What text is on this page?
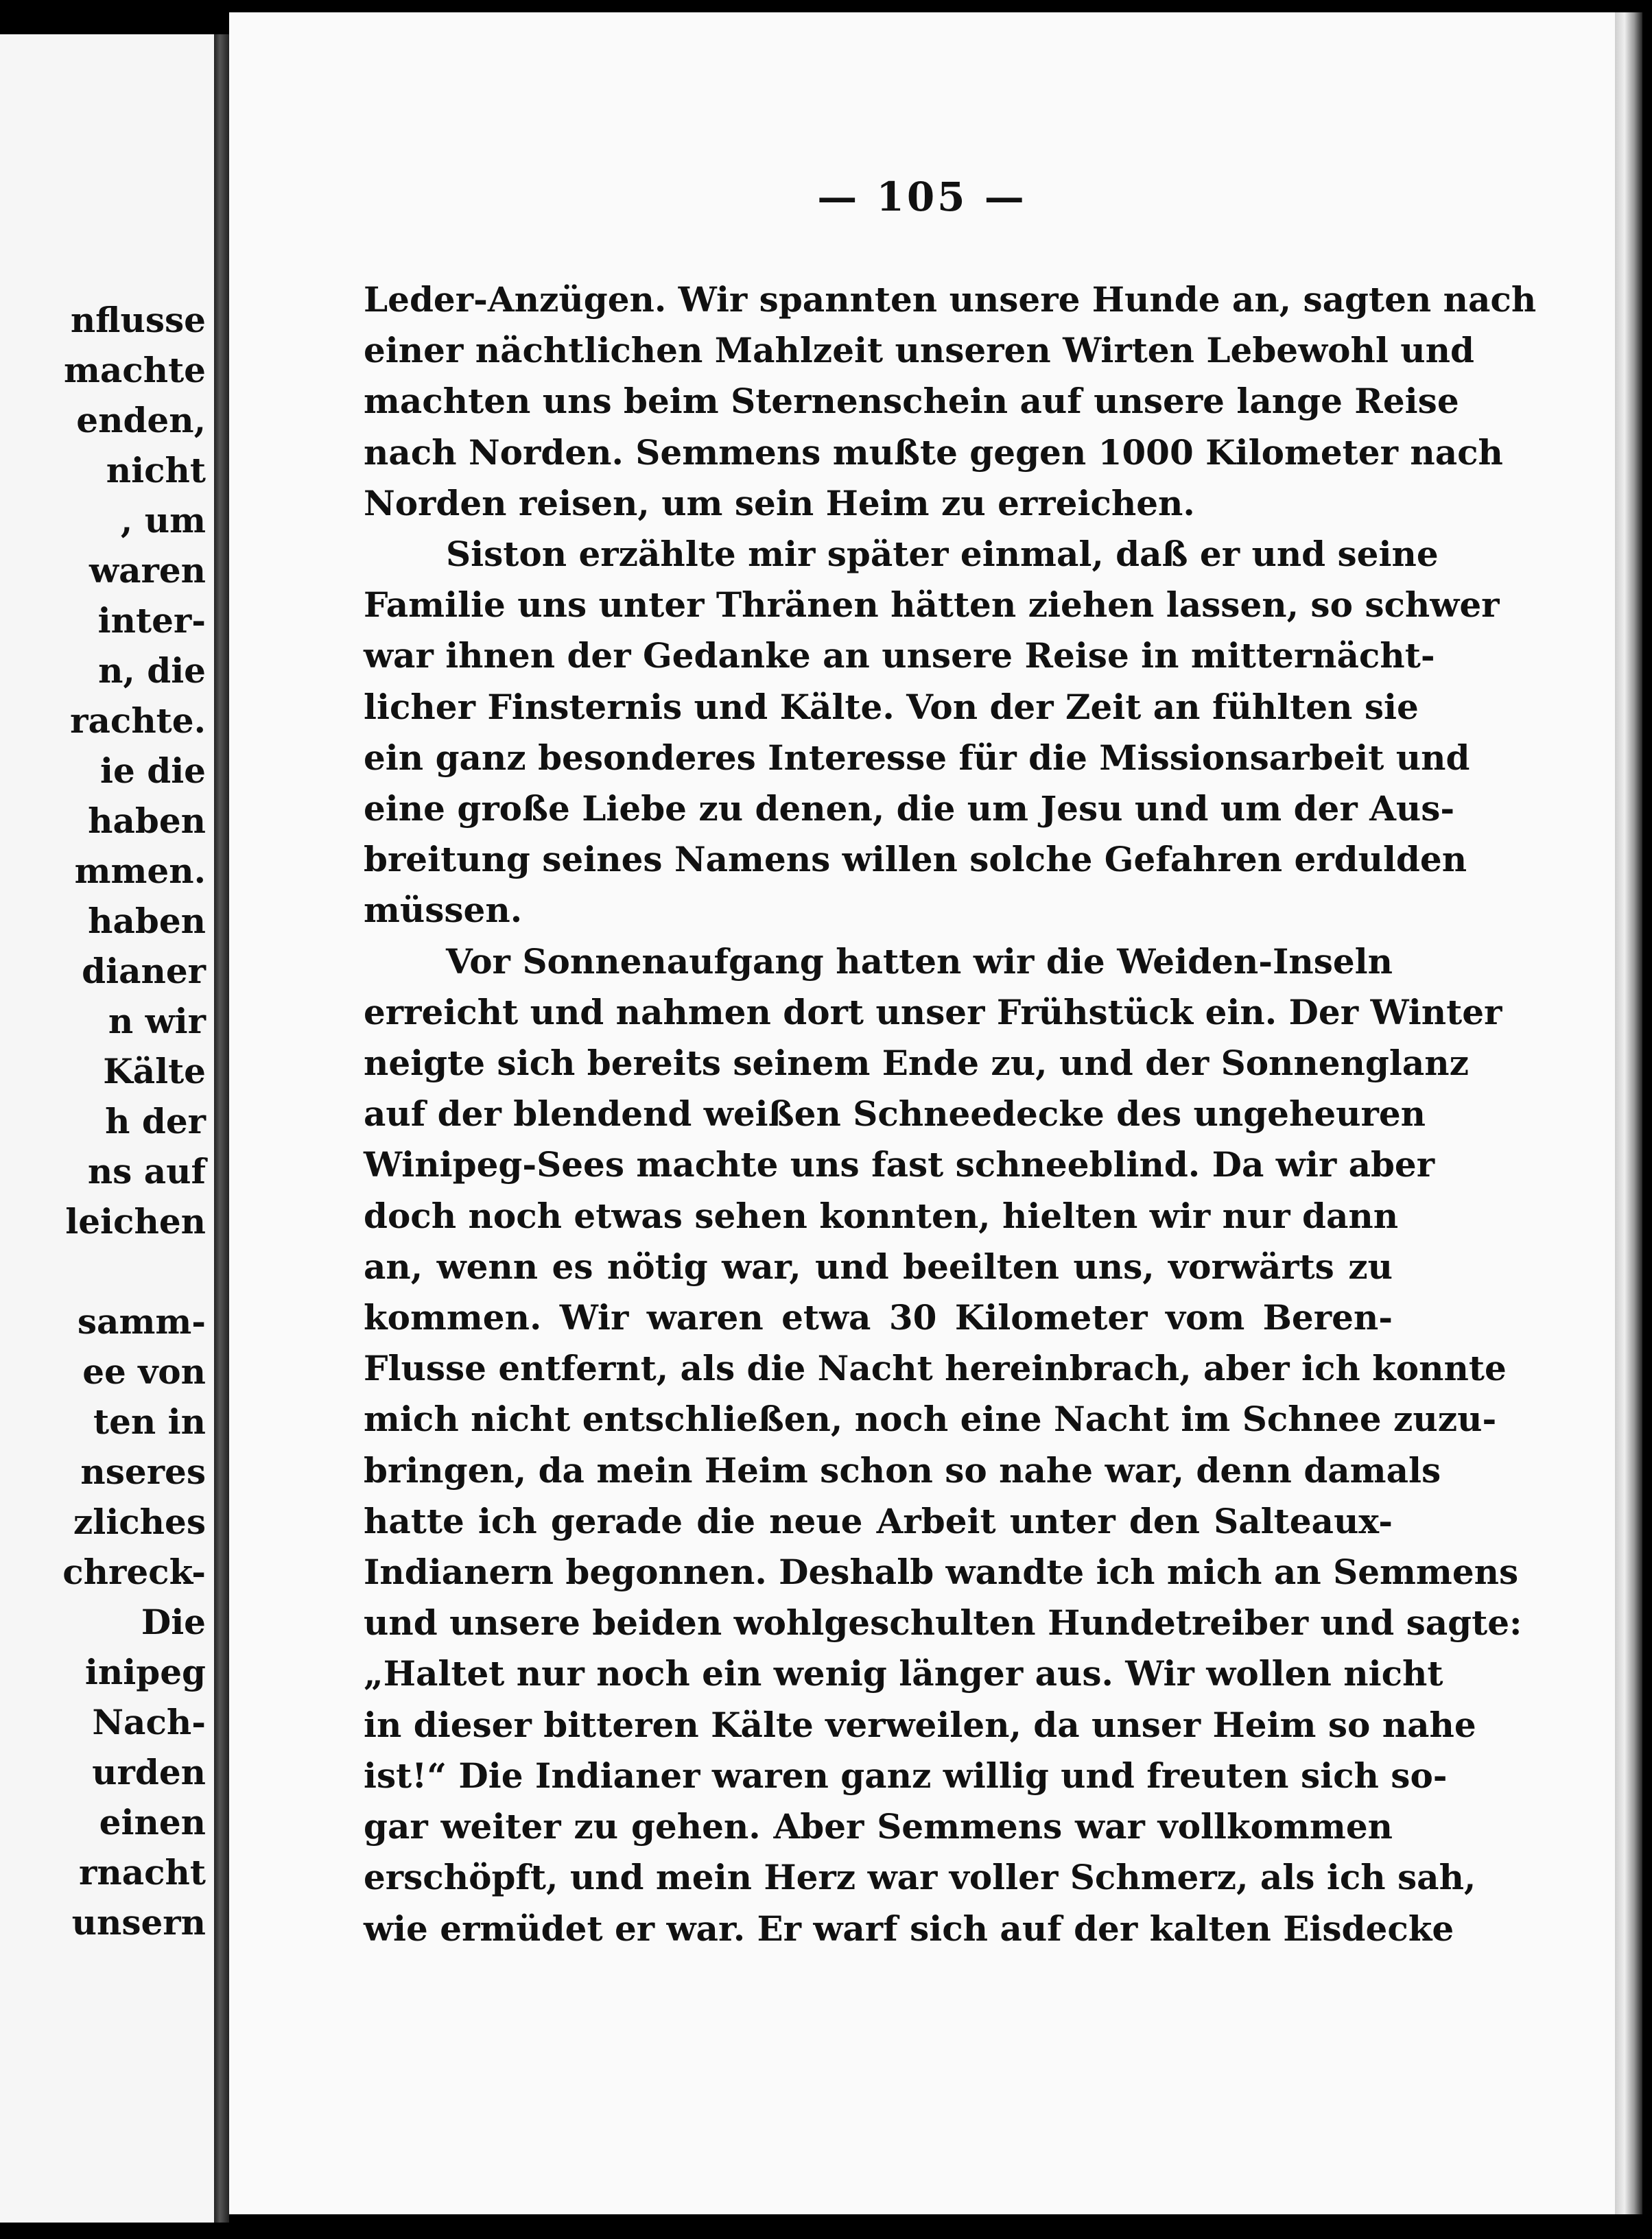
nflusse
machte
enden,
nicht
, um
waren
inter-
n, die
rachte.
ie die
haben
mmen.
haben
dianer
n wir
Kälte
h der
ns auf
leichen
samm-
ee von
ten in
nseres
zliches
chreck-
Die
inipeg
Nach-
urden
einen
rnacht
unsern
— 105 —
Leder-Anzügen. Wir spannten unsere Hunde an, sagten nach
einer nächtlichen Mahlzeit unseren Wirten Lebewohl und
machten uns beim Sternenschein auf unsere lange Reise
nach Norden. Semmens mußte gegen 1000 Kilometer nach
Norden reisen, um sein Heim zu erreichen.
Siston erzählte mir später einmal, daß er und seine
Familie uns unter Thränen hätten ziehen lassen, so schwer
war ihnen der Gedanke an unsere Reise in mitternächt-
licher Finsternis und Kälte. Von der Zeit an fühlten sie
ein ganz besonderes Interesse für die Missionsarbeit und
eine große Liebe zu denen, die um Jesu und um der Aus-
breitung seines Namens willen solche Gefahren erdulden
müssen.
Vor Sonnenaufgang hatten wir die Weiden-Inseln
erreicht und nahmen dort unser Frühstück ein. Der Winter
neigte sich bereits seinem Ende zu, und der Sonnenglanz
auf der blendend weißen Schneedecke des ungeheuren
Winipeg-Sees machte uns fast schneeblind. Da wir aber
doch noch etwas sehen konnten, hielten wir nur dann
an, wenn es nötig war, und beeilten uns, vorwärts zu
kommen. Wir waren etwa 30 Kilometer vom Beren-
Flusse entfernt, als die Nacht hereinbrach, aber ich konnte
mich nicht entschließen, noch eine Nacht im Schnee zuzu-
bringen, da mein Heim schon so nahe war, denn damals
hatte ich gerade die neue Arbeit unter den Salteaux-
Indianern begonnen. Deshalb wandte ich mich an Semmens
und unsere beiden wohlgeschulten Hundetreiber und sagte:
„Haltet nur noch ein wenig länger aus. Wir wollen nicht
in dieser bitteren Kälte verweilen, da unser Heim so nahe
ist!“ Die Indianer waren ganz willig und freuten sich so-
gar weiter zu gehen. Aber Semmens war vollkommen
erschöpft, und mein Herz war voller Schmerz, als ich sah,
wie ermüdet er war. Er warf sich auf der kalten Eisdecke
